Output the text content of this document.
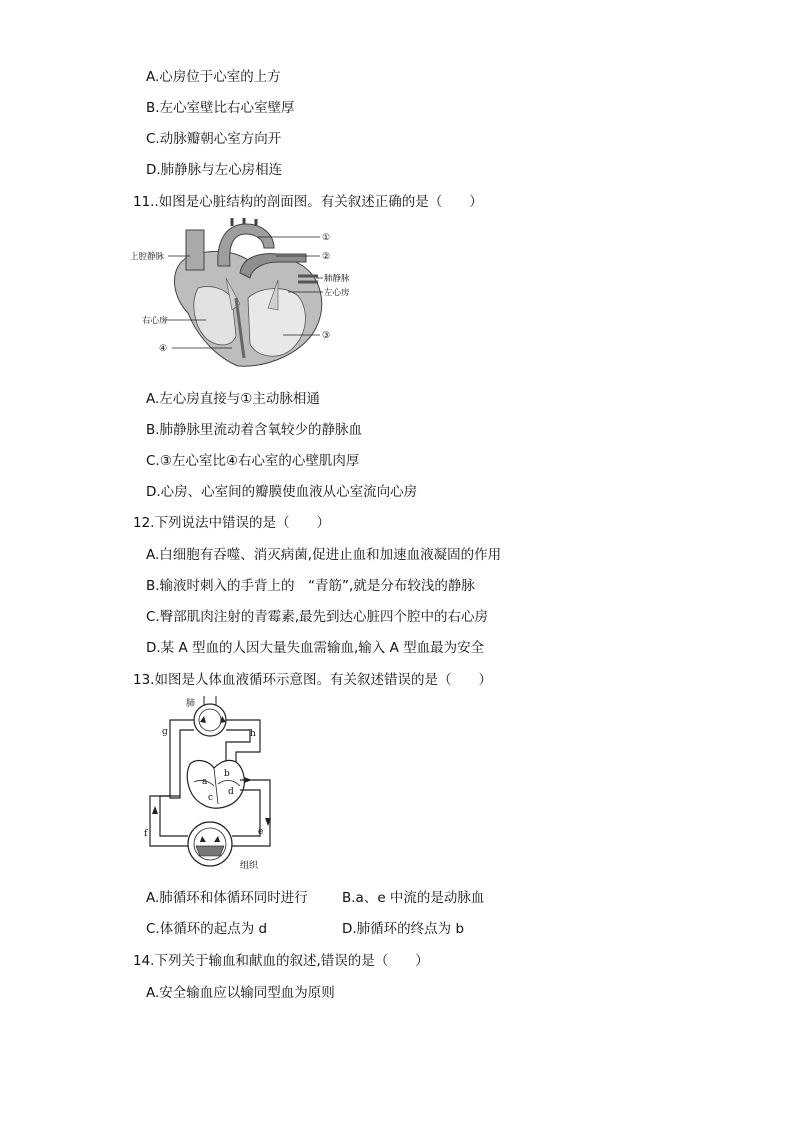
A.心房位于心室的上方
B.左心室壁比右心室壁厚
C.动脉瓣朝心室方向开
D.肺静脉与左心房相连
11..如图是心脏结构的剖面图。有关叙述正确的是（　　）
上腔静脉
①
②
肺静脉
左心房
右心房
③
④
A.左心房直接与①主动脉相通
B.肺静脉里流动着含氧较少的静脉血
C.③左心室比④右心室的心壁肌肉厚
D.心房、心室间的瓣膜使血液从心室流向心房
12.下列说法中错误的是（　　）
A.白细胞有吞噬、消灭病菌,促进止血和加速血液凝固的作用
B.输液时刺入的手背上的　“青筋”,就是分布较浅的静脉
C.臀部肌肉注射的青霉素,最先到达心脏四个腔中的右心房
D.某 A 型血的人因大量失血需输血,输入 A 型血最为安全
13.如图是人体血液循环示意图。有关叙述错误的是（　　）
肺
g	h
a
b
c
d
e
f
组织
A.肺循环和体循环同时进行	B.a、e 中流的是动脉血
C.体循环的起点为 d	D.肺循环的终点为 b
14.下列关于输血和献血的叙述,错误的是（　　）
A.安全输血应以输同型血为原则
